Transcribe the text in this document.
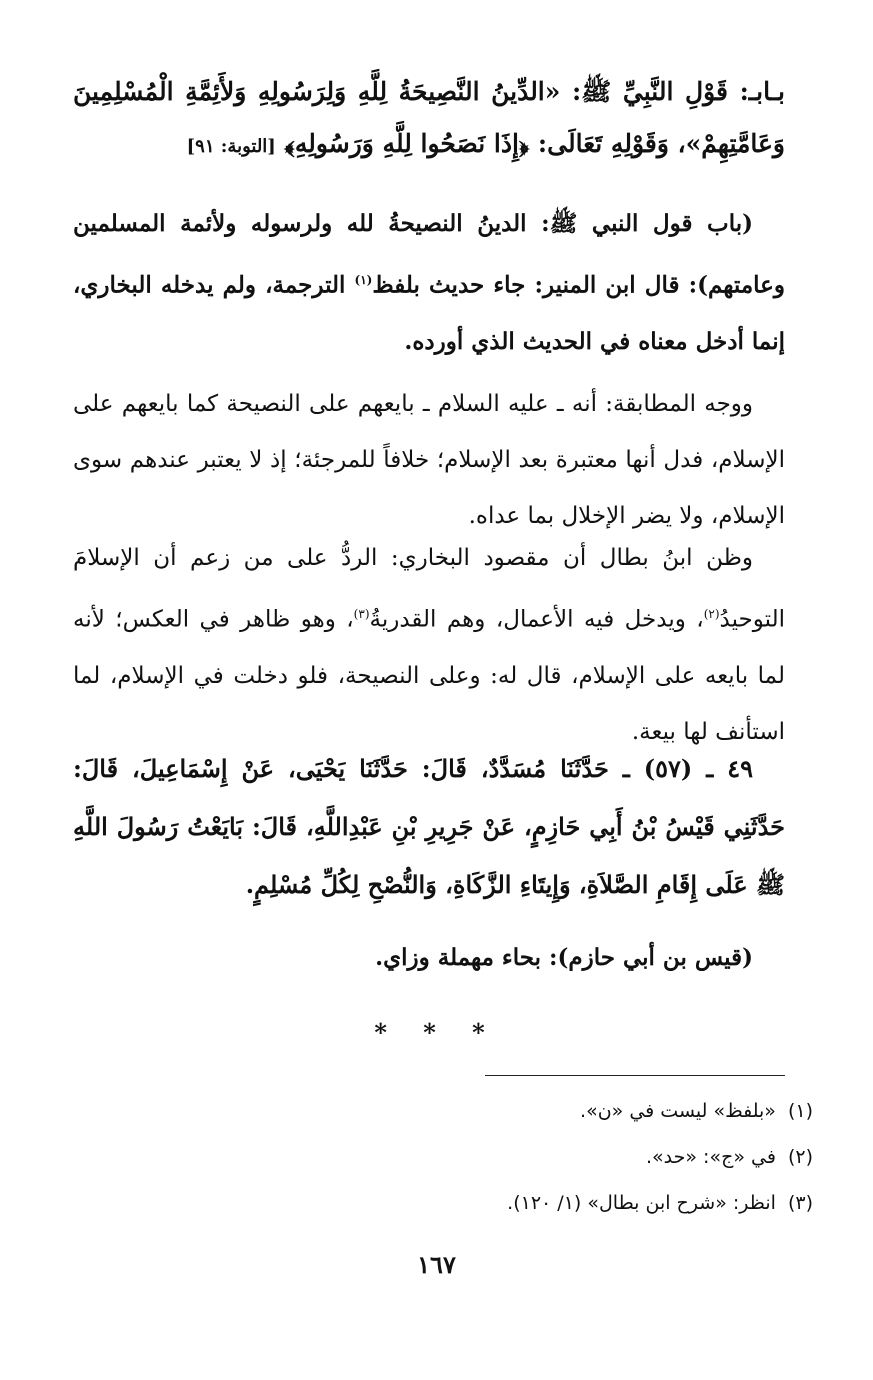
بـابـ: قَوْلِ النَّبِيِّ ﷺ: «الدِّينُ النَّصِيحَةُ لِلَّهِ وَلِرَسُولِهِ وَلأَئِمَّةِ الْمُسْلِمِينَ وَعَامَّتِهِمْ»، وَقَوْلِهِ تَعَالَى: ﴿إِذَا نَصَحُوا لِلَّهِ وَرَسُولِهِ﴾ [التوبة: ٩١]
(باب قول النبي ﷺ: الدينُ النصيحةُ لله ولرسوله ولأئمة المسلمين وعامتهم): قال ابن المنير: جاء حديث بلفظ$^{(١)}$ الترجمة، ولم يدخله البخاري، إنما أدخل معناه في الحديث الذي أورده.
ووجه المطابقة: أنه ـ عليه السلام ـ بايعهم على النصيحة كما بايعهم على الإسلام، فدل أنها معتبرة بعد الإسلام؛ خلافاً للمرجئة؛ إذ لا يعتبر عندهم سوى الإسلام، ولا يضر الإخلال بما عداه.
وظن ابنُ بطال أن مقصود البخاري: الردُّ على من زعم أن الإسلامَ التوحيدُ$^{(٢)}$، ويدخل فيه الأعمال، وهم القدريةُ$^{(٣)}$، وهو ظاهر في العكس؛ لأنه لما بايعه على الإسلام، قال له: وعلى النصيحة، فلو دخلت في الإسلام، لما استأنف لها بيعة.
٤٩ ـ (٥٧) ـ حَدَّثَنَا مُسَدَّدٌ، قَالَ: حَدَّثَنَا يَحْيَى، عَنْ إِسْمَاعِيلَ، قَالَ: حَدَّثَنِي قَيْسُ بْنُ أَبِي حَازِمٍ، عَنْ جَرِيرِ بْنِ عَبْدِاللَّهِ، قَالَ: بَايَعْتُ رَسُولَ اللَّهِ ﷺ عَلَى إِقَامِ الصَّلاَةِ، وَإِيتَاءِ الزَّكَاةِ، وَالنُّصْحِ لِكُلِّ مُسْلِمٍ.
(قيس بن أبي حازم): بحاء مهملة وزاي.
* * *
(١)«بلفظ» ليست في «ن».
(٢)في «ج»: «حد».
(٣)انظر: «شرح ابن بطال» (١/ ١٢٠).
١٦٧
